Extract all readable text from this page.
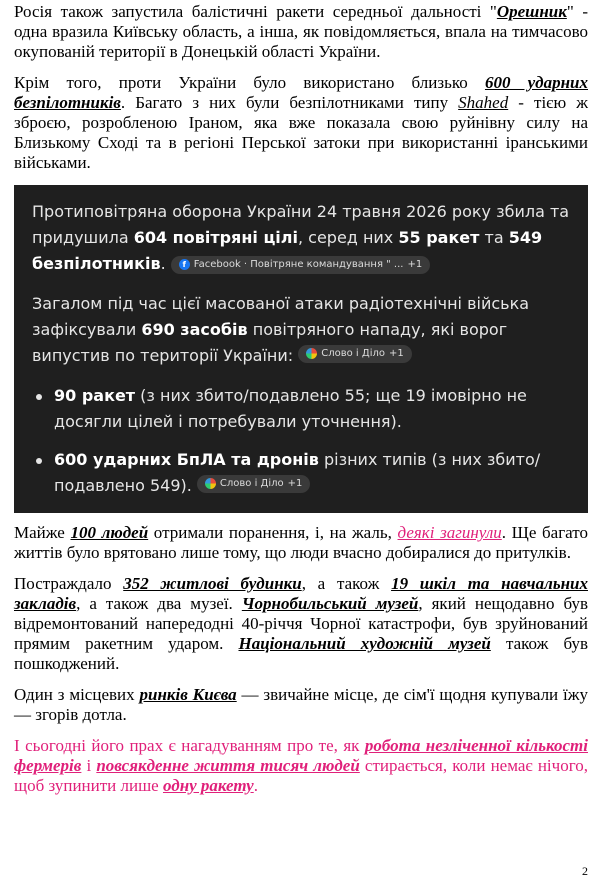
Росія також запустила балістичні ракети середньої дальності "Орешник" - одна вразила Київську область, а інша, як повідомляється, впала на тимчасово окупованій території в Донецькій області України.

Крім того, проти України було використано близько 600 ударних безпілотників. Багато з них були безпілотниками типу Shahed - тією ж зброєю, розробленою Іраном, яка вже показала свою руйнівну силу на Близькому Сході та в регіоні Перської затоки при використанні іранськими військами.

Протиповітряна оборона України 24 травня 2026 року збила та придушила 604 повітряні цілі, серед них 55 ракет та 549 безпілотників.	f Facebook · Повітряне командування " ... +1

Загалом під час цієї масованої атаки радіотехнічні війська зафіксували 690 засобів повітряного нападу, які ворог випустив по території України: Слово і Діло +1

90 ракет (з них збито/подавлено 55; ще 19 імовірно не досягли цілей і потребували уточнення).
600 ударних БпЛА та дронів різних типів (з них збито/подавлено 549). Слово і Діло +1

Майже 100 людей отримали поранення, і, на жаль, деякі загинули. Ще багато життів було врятовано лише тому, що люди вчасно добиралися до притулків.

Постраждало 352 житлові будинки, а також 19 шкіл та навчальних закладів, а також два музеї. Чорнобильський музей, який нещодавно був відремонтований напередодні 40-річчя Чорної катастрофи, був зруйнований прямим ракетним ударом. Національний художній музей також був пошкоджений.

Один з місцевих ринків Києва — звичайне місце, де сім'ї щодня купували їжу — згорів дотла.

І сьогодні його прах є нагадуванням про те, як робота незліченної кількості фермерів і повсякденне життя тисяч людей стирається, коли немає нічого, щоб зупинити лише одну ракету.

2
